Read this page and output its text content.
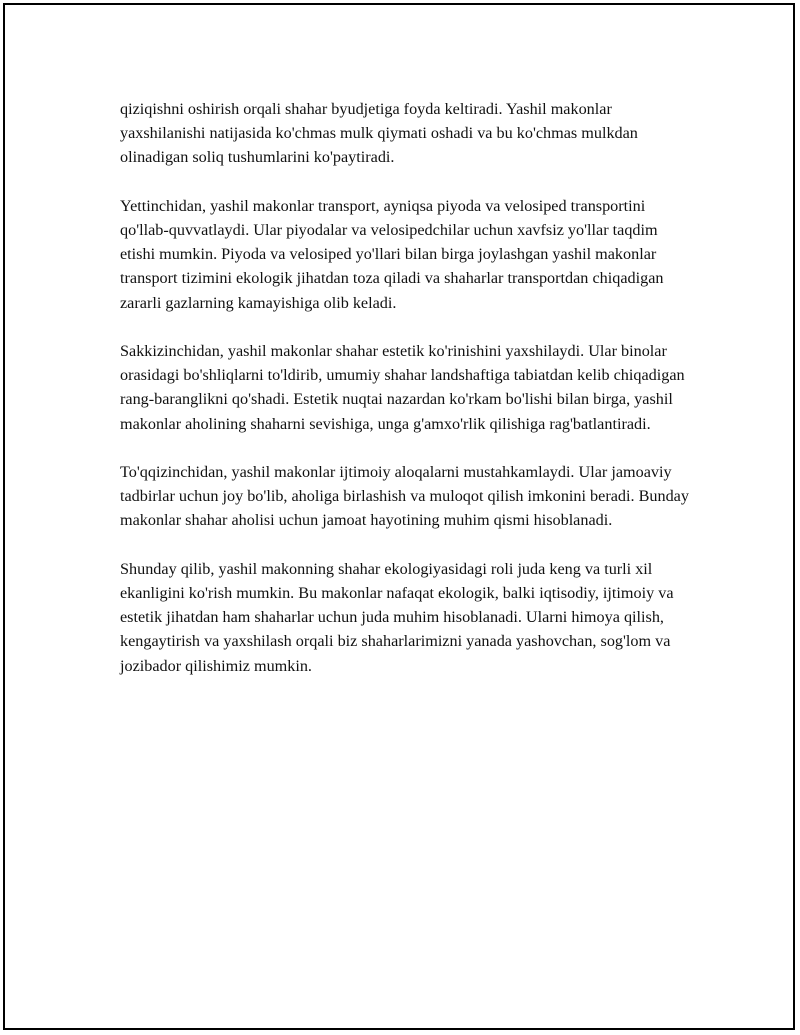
qiziqishni oshirish orqali shahar byudjetiga foyda keltiradi. Yashil makonlar yaxshilanishi natijasida ko'chmas mulk qiymati oshadi va bu ko'chmas mulkdan olinadigan soliq tushumlarini ko'paytiradi.

Yettinchidan, yashil makonlar transport, ayniqsa piyoda va velosiped transportini qo'llab-quvvatlaydi. Ular piyodalar va velosipedchilar uchun xavfsiz yo'llar taqdim etishi mumkin. Piyoda va velosiped yo'llari bilan birga joylashgan yashil makonlar transport tizimini ekologik jihatdan toza qiladi va shaharlar transportdan chiqadigan zararli gazlarning kamayishiga olib keladi.

Sakkizinchidan, yashil makonlar shahar estetik ko'rinishini yaxshilaydi. Ular binolar orasidagi bo'shliqlarni to'ldirib, umumiy shahar landshaftiga tabiatdan kelib chiqadigan rang-baranglikni qo'shadi. Estetik nuqtai nazardan ko'rkam bo'lishi bilan birga, yashil makonlar aholining shaharni sevishiga, unga g'amxo'rlik qilishiga rag'batlantiradi.

To'qqizinchidan, yashil makonlar ijtimoiy aloqalarni mustahkamlaydi. Ular jamoaviy tadbirlar uchun joy bo'lib, aholiga birlashish va muloqot qilish imkonini beradi. Bunday makonlar shahar aholisi uchun jamoat hayotining muhim qismi hisoblanadi.

Shunday qilib, yashil makonning shahar ekologiyasidagi roli juda keng va turli xil ekanligini ko'rish mumkin. Bu makonlar nafaqat ekologik, balki iqtisodiy, ijtimoiy va estetik jihatdan ham shaharlar uchun juda muhim hisoblanadi. Ularni himoya qilish, kengaytirish va yaxshilash orqali biz shaharlarimizni yanada yashovchan, sog'lom va jozibador qilishimiz mumkin.
